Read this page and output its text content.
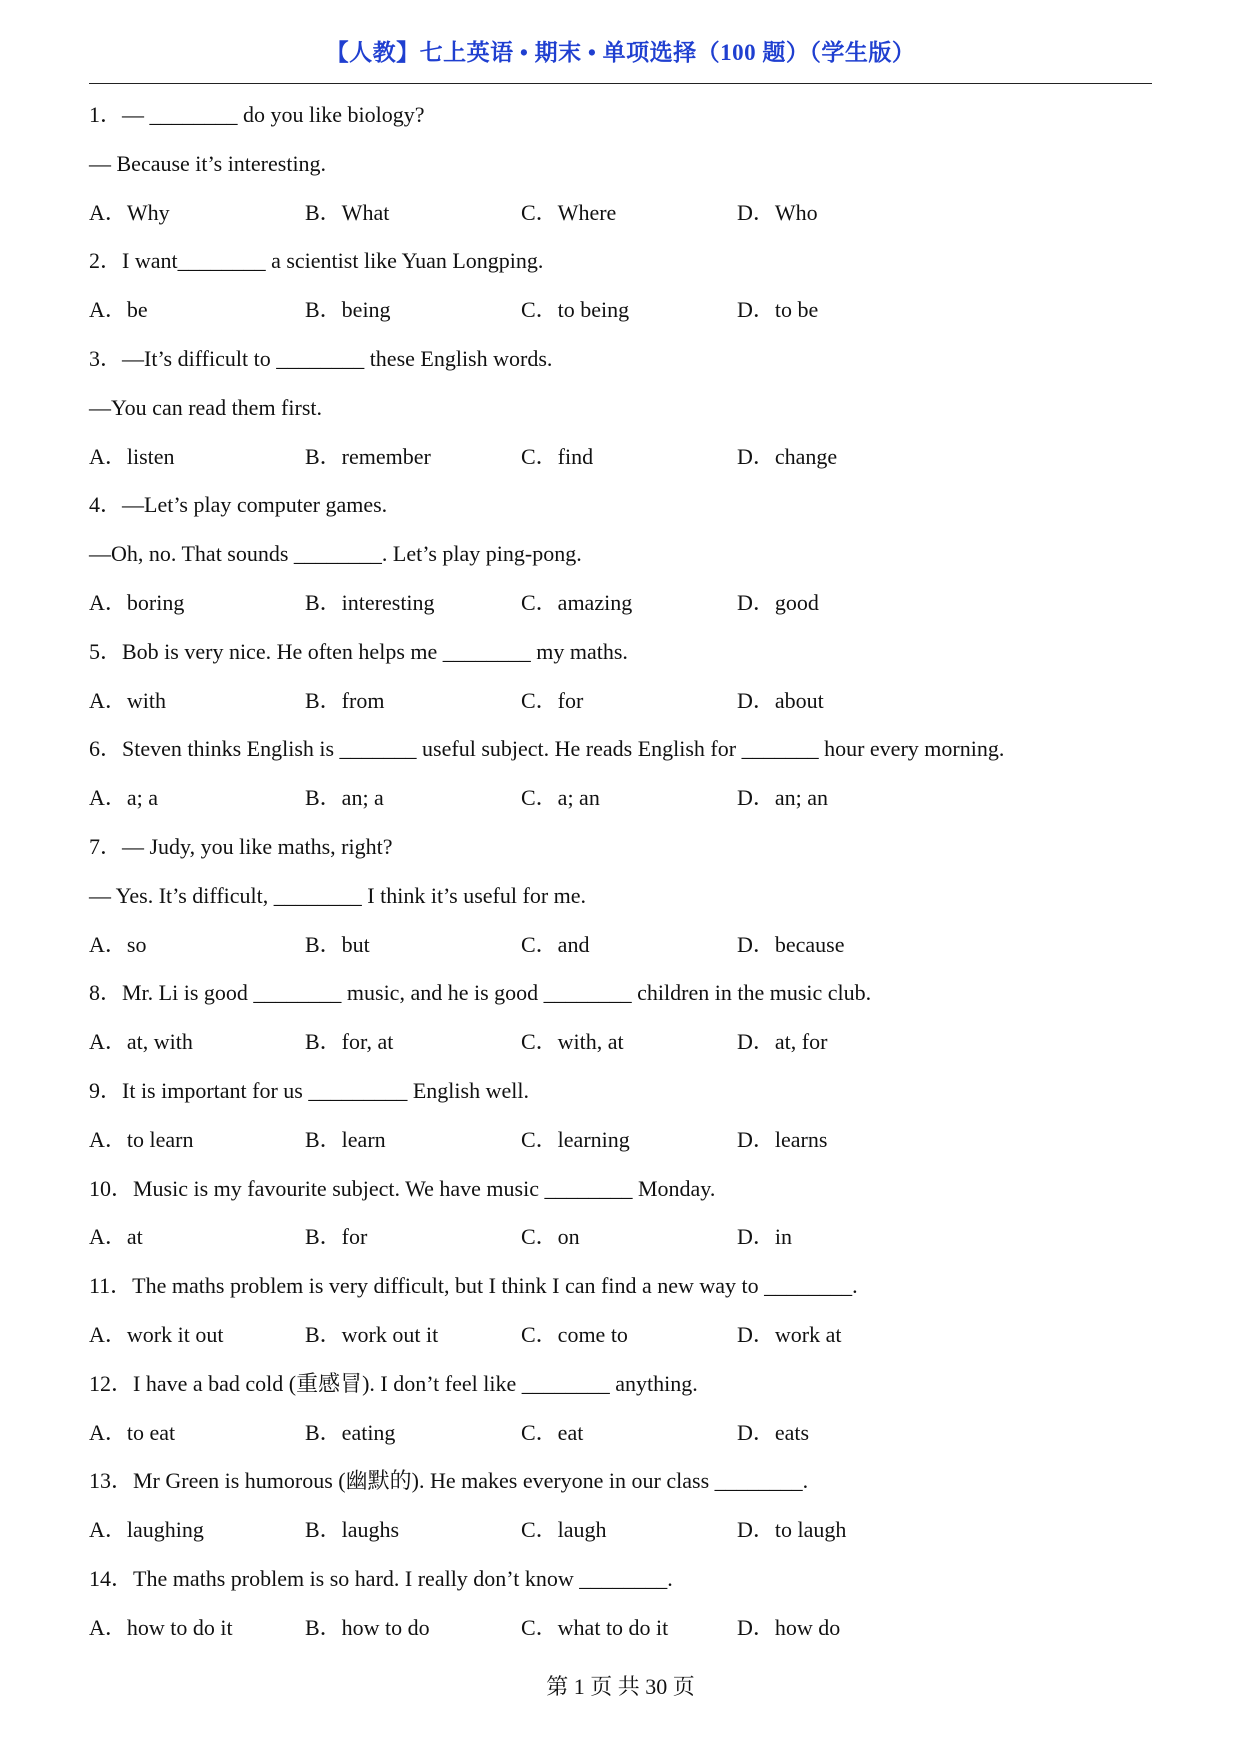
【人教】七上英语 • 期末 • 单项选择（100 题）（学生版）
1．— ________ do you like biology?
— Because it’s interesting.
A．Why	B．What	C．Where	D．Who
2．I want________ a scientist like Yuan Longping.
A．be	B．being	C．to being	D．to be
3．—It’s difficult to ________ these English words.
—You can read them first.
A．listen	B．remember	C．find	D．change
4．—Let’s play computer games.
—Oh, no. That sounds ________. Let’s play ping-pong.
A．boring	B．interesting	C．amazing	D．good
5．Bob is very nice. He often helps me ________ my maths.
A．with	B．from	C．for	D．about
6．Steven thinks English is _______ useful subject. He reads English for _______ hour every morning.
A．a; a	B．an; a	C．a; an	D．an; an
7．— Judy, you like maths, right?
— Yes. It’s difficult, ________ I think it’s useful for me.
A．so	B．but	C．and	D．because
8．Mr. Li is good ________ music, and he is good ________ children in the music club.
A．at, with	B．for, at	C．with, at	D．at, for
9．It is important for us _________ English well.
A．to learn	B．learn	C．learning	D．learns
10．Music is my favourite subject. We have music ________ Monday.
A．at	B．for	C．on	D．in
11．The maths problem is very difficult, but I think I can find a new way to ________.
A．work it out	B．work out it	C．come to	D．work at
12．I have a bad cold (重感冒). I don’t feel like ________ anything.
A．to eat	B．eating	C．eat	D．eats
13．Mr Green is humorous (幽默的). He makes everyone in our class ________.
A．laughing	B．laughs	C．laugh	D．to laugh
14．The maths problem is so hard. I really don’t know ________.
A．how to do it	B．how to do	C．what to do it	D．how do
第 1 页 共 30 页
